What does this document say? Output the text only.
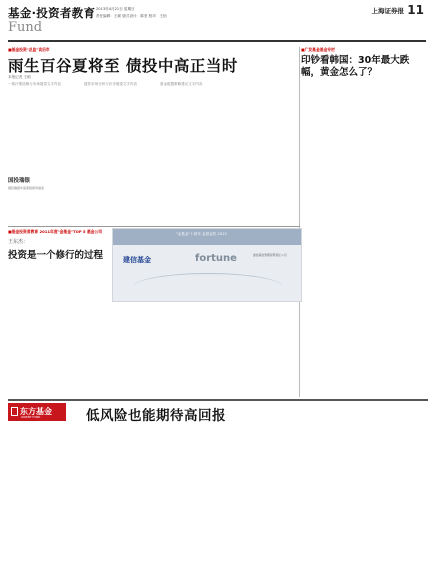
基金·投资者教育
Fund
2013年4月21日 星期日
责任编辑：王硕 版式设计：陈坚 校对：王怡
上海证券报 11
■基金投资"总监"谈后市
雨生百谷夏将至 债投中高正当时
本报记者 王硕
一周行情回顾与市场展望文字内容	债券市场分析与后市展望文字内容	基金配置策略建议文字内容
国投瑞银
国投瑞银中高等级债券基金
■广发基金基金专栏
印钞看韩国：30年最大跌幅，黄金怎么了？
■基金投资者教育 2011年度"金基金"TOP 5 基金公司
王东杰：
投资是一个修行的过程
"金基金"十周年 金基金奖 2013
建信基金	fortune	建信基金管理有限责任公司
东方基金
ORIENT FUND	低风险也能期待高回报
